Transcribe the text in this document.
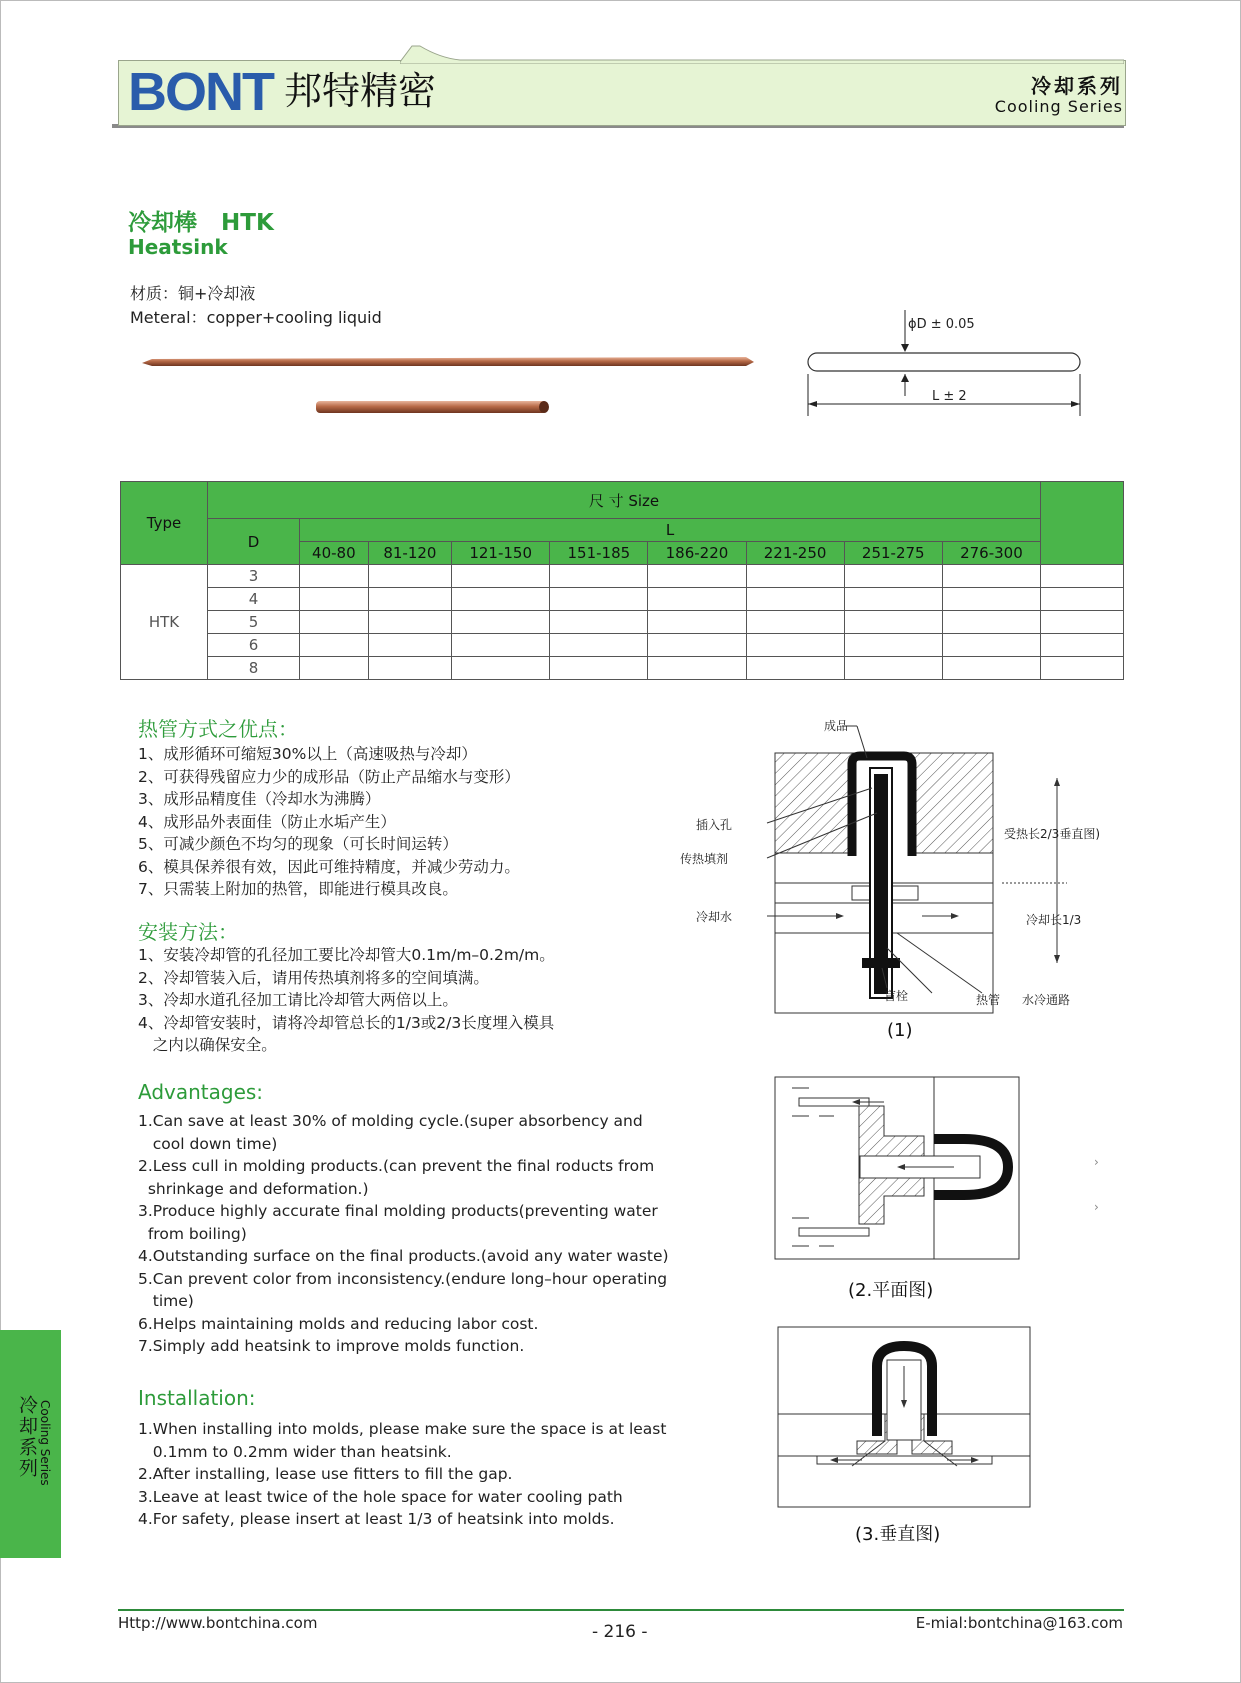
BONT 邦特精密	冷却系列
Cooling Series
冷却棒 HTK
Heatsink
材质：铜+冷却液
Meteral：copper+cooling liquid	ϕD ± 0.05
L ± 2
Type	尺 寸 Size									
	D	L								
		40-80	81-120	121-150	151-185	186-220	221-250	251-275	276-300	
HTK	3									
	4									
	5									
	6									
	8									
热管方式之优点：
1、成形循环可缩短30%以上（高速吸热与冷却）
2、可获得残留应力少的成形品（防止产品缩水与变形）
3、成形品精度佳（冷却水为沸腾）
4、成形品外表面佳（防止水垢产生）
5、可减少颜色不均匀的现象（可长时间运转）
6、模具保养很有效，因此可维持精度，并减少劳动力。
7、只需装上附加的热管，即能进行模具改良。
安装方法：
1、安装冷却管的孔径加工要比冷却管大0.1m/m–0.2m/m。
2、冷却管装入后，请用传热填剂将多的空间填满。
3、冷却水道孔径加工请比冷却管大两倍以上。
4、冷却管安装时，请将冷却管总长的1/3或2/3长度埋入模具
之内以确保安全。
Advantages:
1.Can save at least 30% of molding cycle.(super absorbency and
cool down time)
2.Less cull in molding products.(can prevent the final roducts from
shrinkage and deformation.)
3.Produce highly accurate final molding products(preventing water
from boiling)
4.Outstanding surface on the final products.(avoid any water waste)
5.Can prevent color from inconsistency.(endure long–hour operating
time)
6.Helps maintaining molds and reducing labor cost.
7.Simply add heatsink to improve molds function.
Installation:
1.When installing into molds, please make sure the space is at least
0.1mm to 0.2mm wider than heatsink.
2.After installing, lease use fitters to fill the gap.
3.Leave at least twice of the hole space for water cooling path
4.For safety, please insert at least 1/3 of heatsink into molds.
成品
插入孔
传热填剂
冷却水
受热长2/3垂直图)
冷却长1/3
盲栓	热管 水冷通路
(1)
›
›
(2.平面图)
(3.垂直图)
冷却系列 Cooling Series
Http://www.bontchina.com	- 216 -	E-mial:bontchina@163.com
